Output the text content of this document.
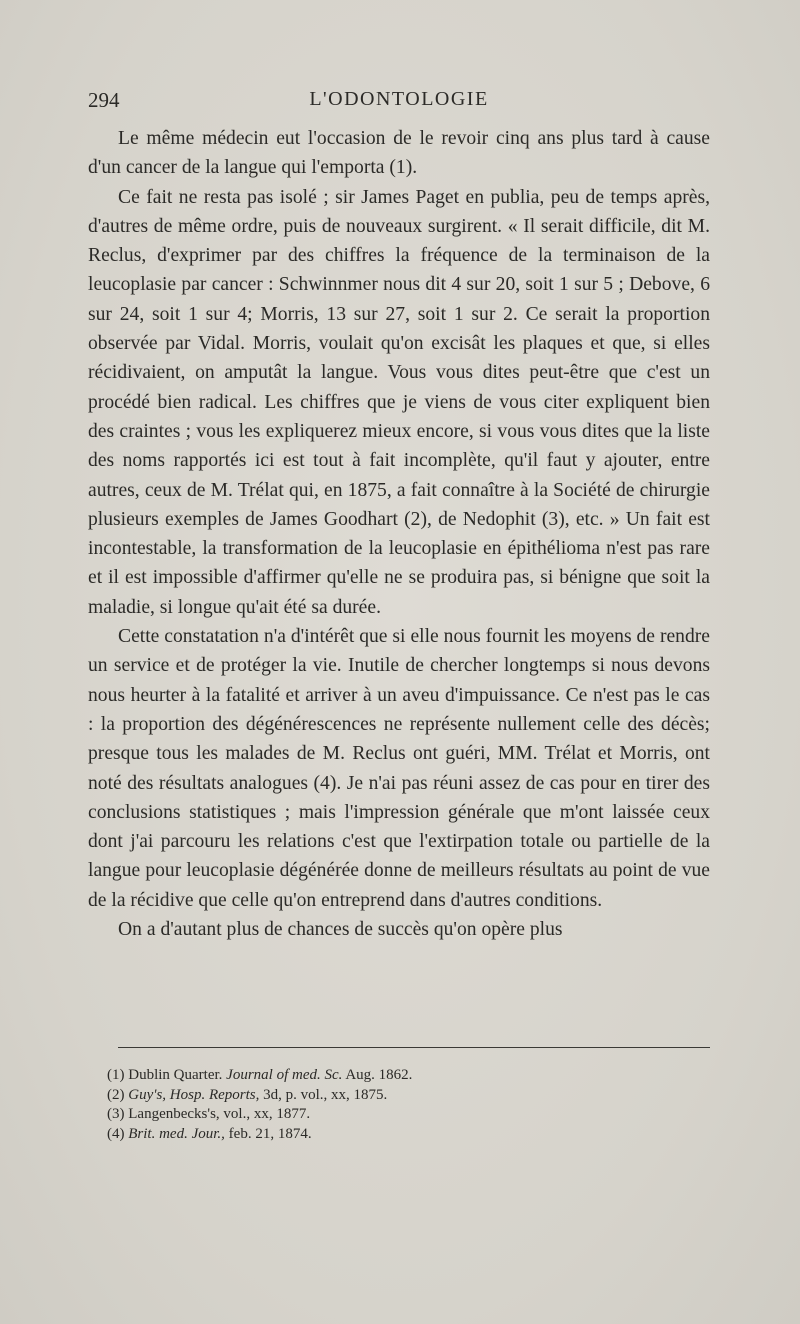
294	L'ODONTOLOGIE

Le même médecin eut l'occasion de le revoir cinq ans plus tard à cause d'un cancer de la langue qui l'emporta (1).

Ce fait ne resta pas isolé ; sir James Paget en publia, peu de temps après, d'autres de même ordre, puis de nouveaux surgirent. « Il serait difficile, dit M. Reclus, d'exprimer par des chiffres la fréquence de la terminaison de la leucoplasie par cancer : Schwinnmer nous dit 4 sur 20, soit 1 sur 5 ; Debove, 6 sur 24, soit 1 sur 4; Morris, 13 sur 27, soit 1 sur 2. Ce serait la proportion observée par Vidal. Morris, voulait qu'on excisât les plaques et que, si elles récidivaient, on amputât la langue. Vous vous dites peut-être que c'est un procédé bien radical. Les chiffres que je viens de vous citer expliquent bien des craintes ; vous les expliquerez mieux encore, si vous vous dites que la liste des noms rapportés ici est tout à fait incomplète, qu'il faut y ajouter, entre autres, ceux de M. Trélat qui, en 1875, a fait connaître à la Société de chirurgie plusieurs exemples de James Goodhart (2), de Nedophit (3), etc. » Un fait est incontestable, la transformation de la leucoplasie en épithélioma n'est pas rare et il est impossible d'affirmer qu'elle ne se produira pas, si bénigne que soit la maladie, si longue qu'ait été sa durée.

Cette constatation n'a d'intérêt que si elle nous fournit les moyens de rendre un service et de protéger la vie. Inutile de chercher longtemps si nous devons nous heurter à la fatalité et arriver à un aveu d'impuissance. Ce n'est pas le cas : la proportion des dégénérescences ne représente nullement celle des décès; presque tous les malades de M. Reclus ont guéri, MM. Trélat et Morris, ont noté des résultats analogues (4). Je n'ai pas réuni assez de cas pour en tirer des conclusions statistiques ; mais l'impression générale que m'ont laissée ceux dont j'ai parcouru les relations c'est que l'extirpation totale ou partielle de la langue pour leucoplasie dégénérée donne de meilleurs résultats au point de vue de la récidive que celle qu'on entreprend dans d'autres conditions.

On a d'autant plus de chances de succès qu'on opère plus

(1) Dublin Quarter. Journal of med. Sc. Aug. 1862.

(2) Guy's, Hosp. Reports, 3d, p. vol., xx, 1875.

(3) Langenbecks's, vol., xx, 1877.

(4) Brit. med. Jour., feb. 21, 1874.
